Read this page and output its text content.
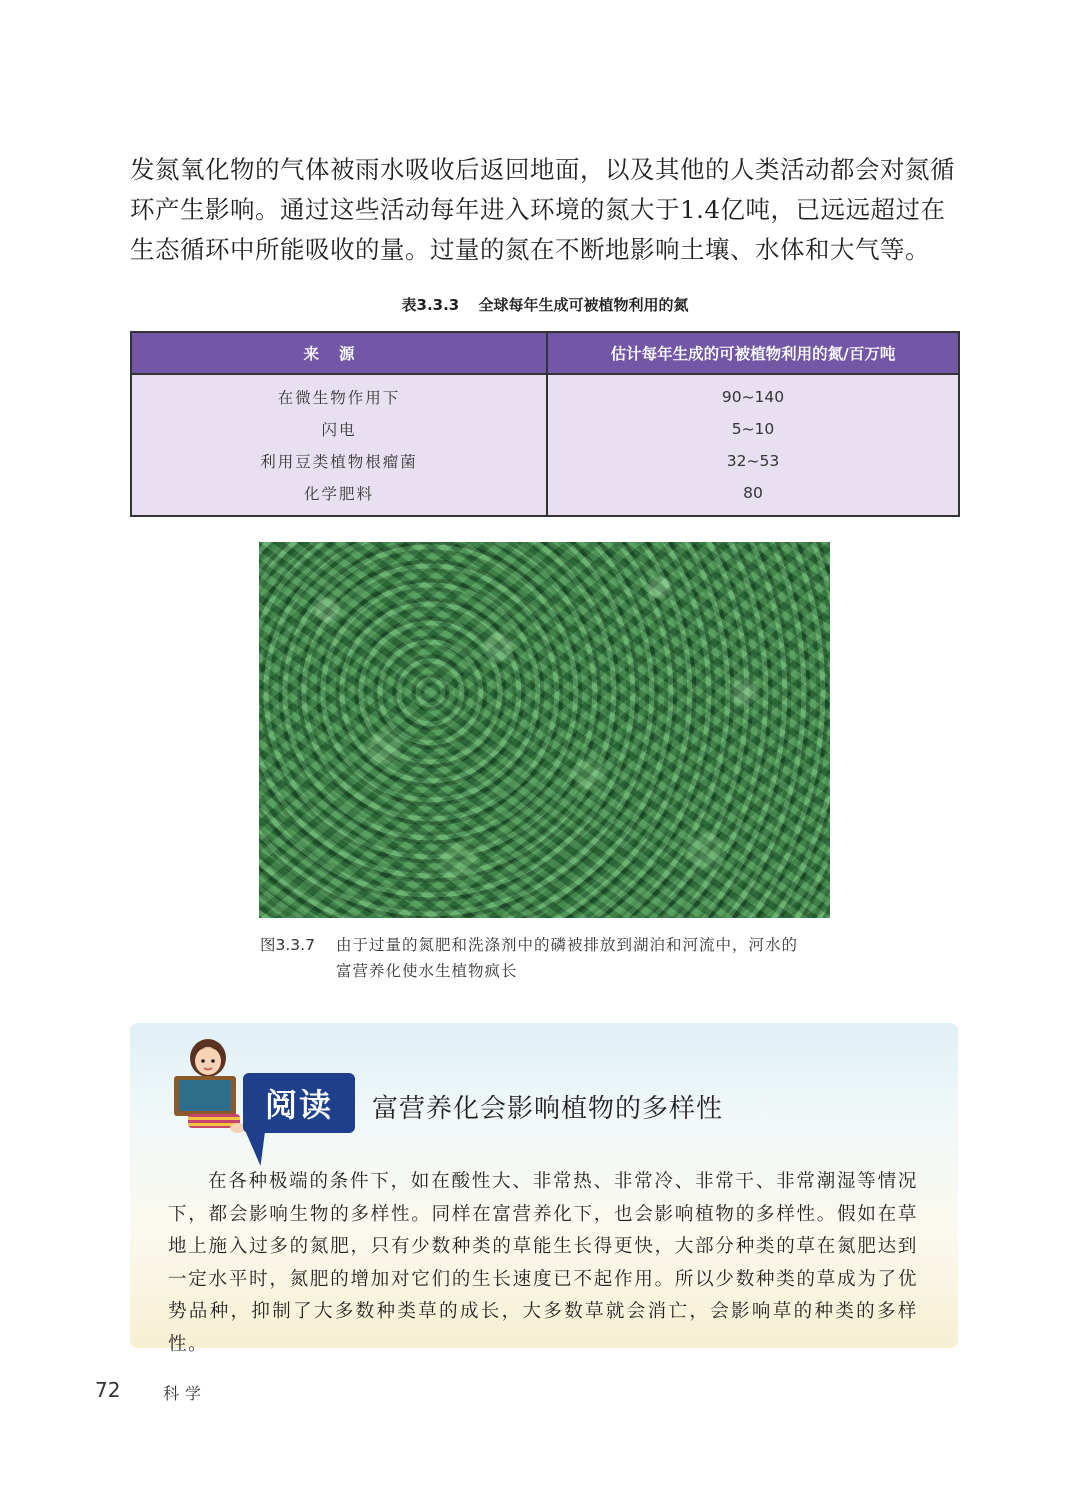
发氮氧化物的气体被雨水吸收后返回地面，以及其他的人类活动都会对氮循环产生影响。通过这些活动每年进入环境的氮大于1.4亿吨，已远远超过在生态循环中所能吸收的量。过量的氮在不断地影响土壤、水体和大气等。

表3.3.3 全球每年生成可被植物利用的氮
来源	估计每年生成的可被植物利用的氮/百万吨
在微生物作用下	90~140
闪电	5~10
利用豆类植物根瘤菌	32~53
化学肥料	80
图3.3.7 由于过量的氮肥和洗涤剂中的磷被排放到湖泊和河流中，河水的
富营养化使水生植物疯长
阅读	富营养化会影响植物的多样性

在各种极端的条件下，如在酸性大、非常热、非常冷、非常干、非常潮湿等情况下，都会影响生物的多样性。同样在富营养化下，也会影响植物的多样性。假如在草地上施入过多的氮肥，只有少数种类的草能生长得更快，大部分种类的草在氮肥达到一定水平时，氮肥的增加对它们的生长速度已不起作用。所以少数种类的草成为了优势品种，抑制了大多数种类草的成长，大多数草就会消亡，会影响草的种类的多样性。

72	科学
